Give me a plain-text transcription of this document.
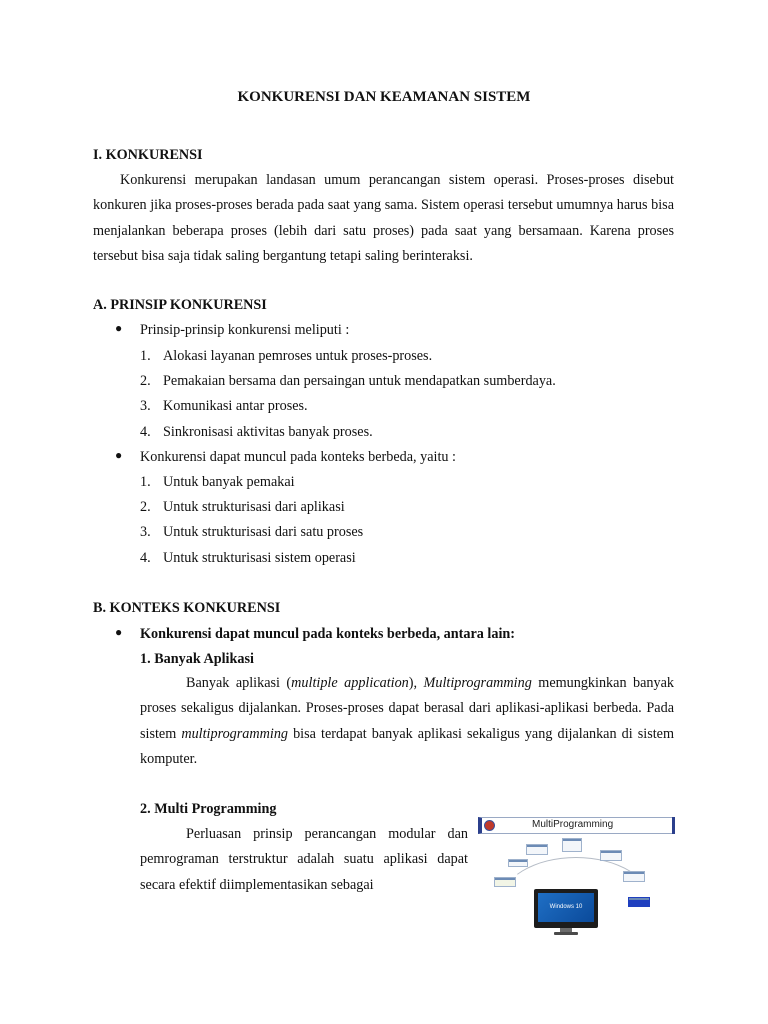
KONKURENSI DAN KEAMANAN SISTEM
I. KONKURENSI

Konkurensi merupakan landasan umum perancangan sistem operasi. Proses-proses disebut konkuren jika proses-proses berada pada saat yang sama. Sistem operasi tersebut umumnya harus bisa menjalankan beberapa proses (lebih dari satu proses) pada saat yang bersamaan. Karena proses tersebut bisa saja tidak saling bergantung tetapi saling berinteraksi.

A. PRINSIP KONKURENSI
● Prinsip-prinsip konkurensi meliputi :
1. Alokasi layanan pemroses untuk proses-proses.
2. Pemakaian bersama dan persaingan untuk mendapatkan sumberdaya.
3. Komunikasi antar proses.
4. Sinkronisasi aktivitas banyak proses.
● Konkurensi dapat muncul pada konteks berbeda, yaitu :
1. Untuk banyak pemakai
2. Untuk strukturisasi dari aplikasi
3. Untuk strukturisasi dari satu proses
4. Untuk strukturisasi sistem operasi
B. KONTEKS KONKURENSI
● Konkurensi dapat muncul pada konteks berbeda, antara lain:
1. Banyak Aplikasi

Banyak aplikasi (multiple application), Multiprogramming memungkinkan banyak proses sekaligus dijalankan. Proses-proses dapat berasal dari aplikasi-aplikasi berbeda. Pada sistem multiprogramming bisa terdapat banyak aplikasi sekaligus yang dijalankan di sistem komputer.

2. Multi Programming

Perluasan prinsip perancangan modular dan pemrograman terstruktur adalah suatu aplikasi dapat secara efektif diimplementasikan sebagai

MultiProgramming
Windows 10
